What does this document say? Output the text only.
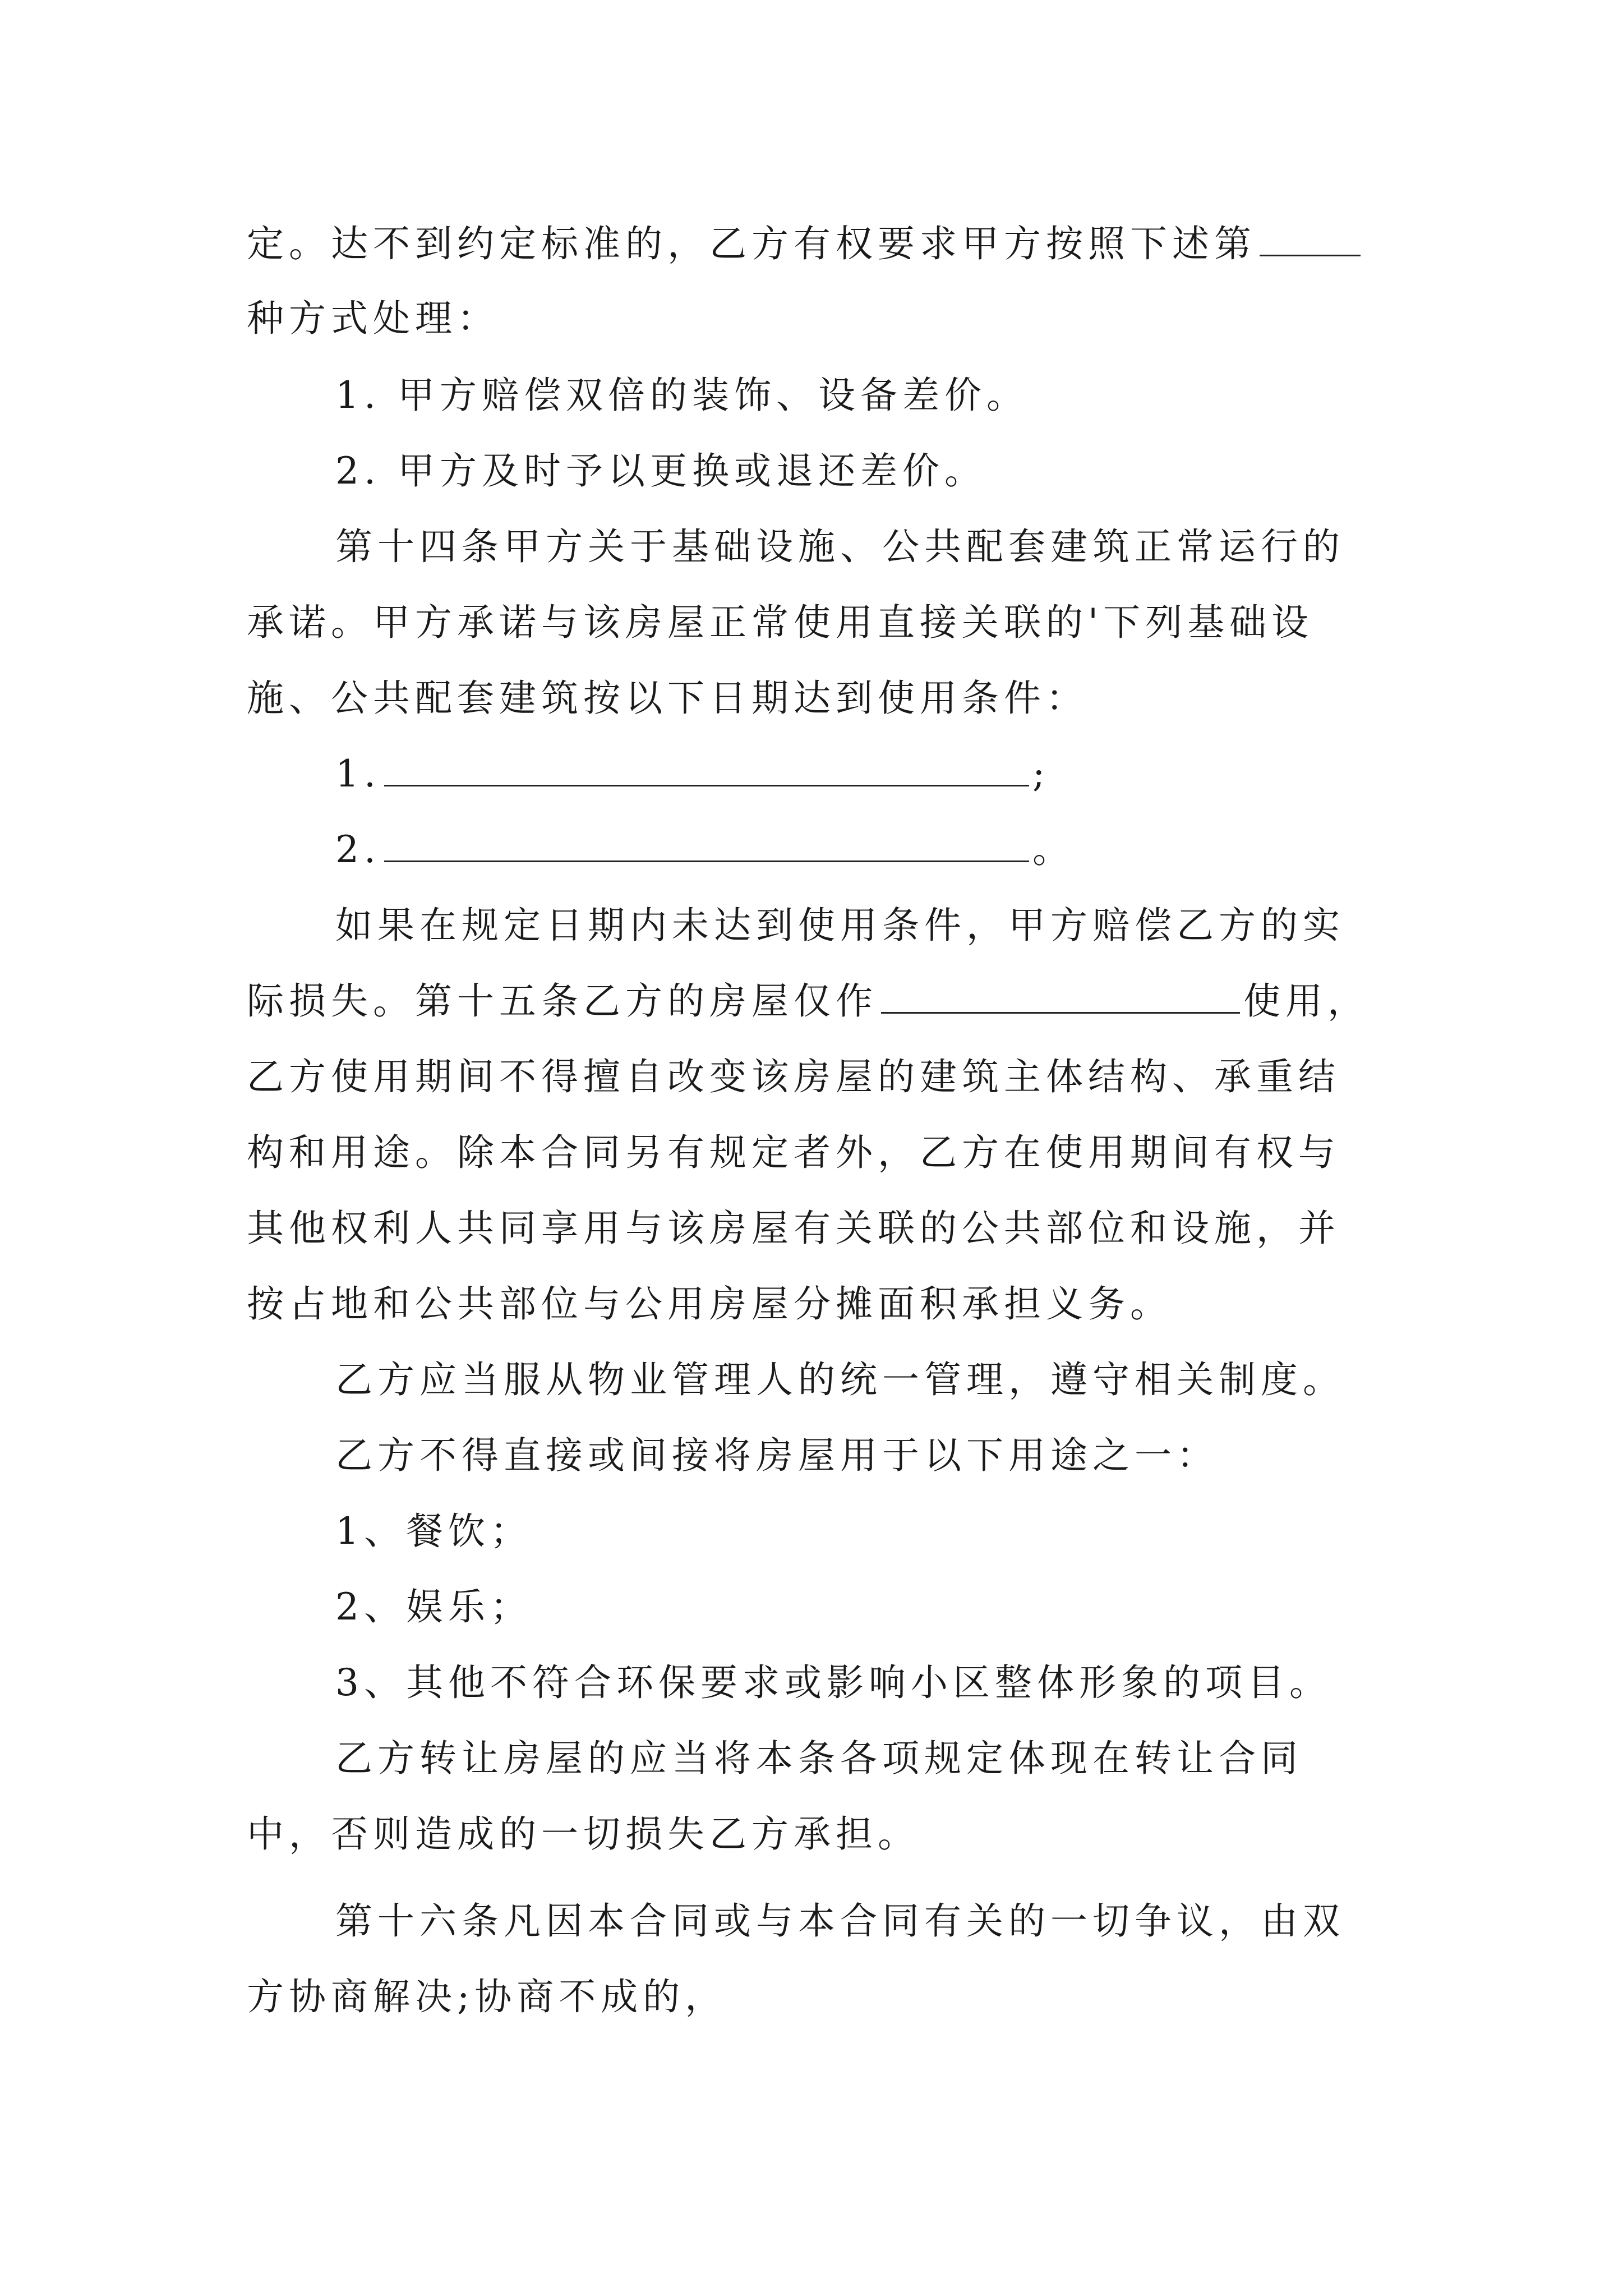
定。达不到约定标准的，乙方有权要求甲方按照下述第

种方式处理：

1. 甲方赔偿双倍的装饰、设备差价。

2. 甲方及时予以更换或退还差价。

第十四条甲方关于基础设施、公共配套建筑正常运行的

承诺。甲方承诺与该房屋正常使用直接关联的'下列基础设

施、公共配套建筑按以下日期达到使用条件：

1.	;

2.	。

如果在规定日期内未达到使用条件，甲方赔偿乙方的实

际损失。第十五条乙方的房屋仅作	使用，

乙方使用期间不得擅自改变该房屋的建筑主体结构、承重结

构和用途。除本合同另有规定者外，乙方在使用期间有权与

其他权利人共同享用与该房屋有关联的公共部位和设施，并

按占地和公共部位与公用房屋分摊面积承担义务。

乙方应当服从物业管理人的统一管理，遵守相关制度。

乙方不得直接或间接将房屋用于以下用途之一：

1、餐饮；

2、娱乐；

3、其他不符合环保要求或影响小区整体形象的项目。

乙方转让房屋的应当将本条各项规定体现在转让合同

中，否则造成的一切损失乙方承担。

第十六条凡因本合同或与本合同有关的一切争议，由双

方协商解决;协商不成的，
